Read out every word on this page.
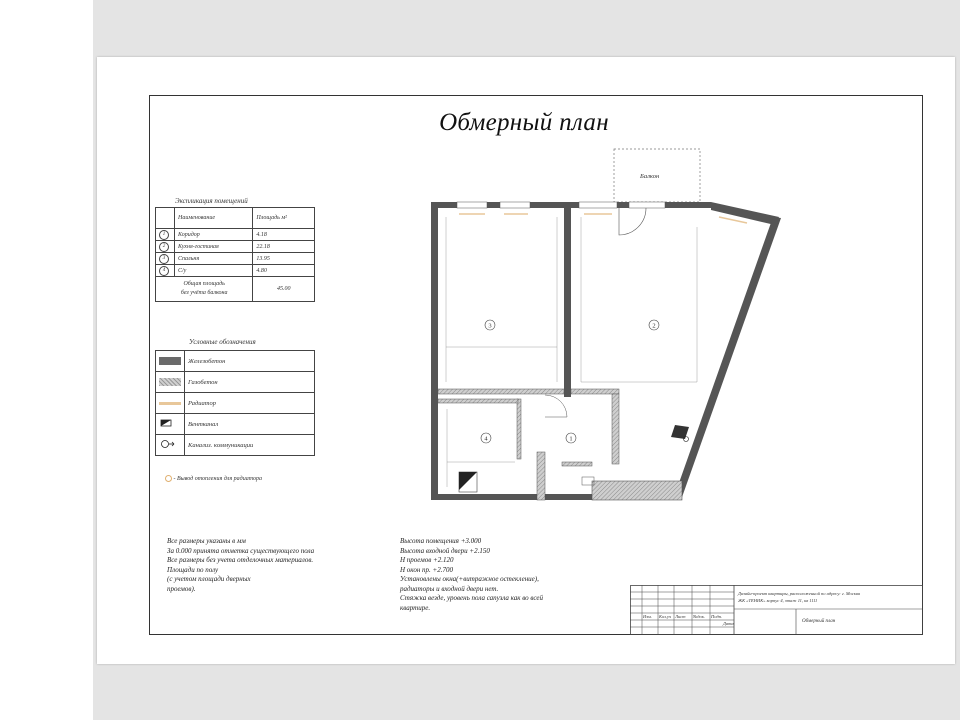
Обмерный план
Экспликация помещений
	Наименование	Площадь м²
1	Коридор	4.18
2	Кухня-гостиная	22.18
3	Спальня	13.95
4	С/у	4.80

Общая площадь
без учёта балкона		45.00
Условные обозначения
	Железобетон
	Газобетон
	Радиатор
	Вентканал
	Канализ. коммуникации
- Вывод отопления для радиатора
Балкон
3	2
4	1
Все размеры указаны в мм
За 0.000 принята отметка существующего пола
Все размеры без учета отделочных материалов.
Площади по полу
(с учетом площади дверных
проемов).
Высота помещения +3.000
Высота входной двери +2.150
Н проемов +2.120
Н окон пр. +2.700
Установлены окна(+витражное остекление),
радиаторы и входной двери нет.
Стяжка везде, уровень пола сапузла как во всей
квартире.
Изм. Кол.уч Лист №док. Подп.
Дата
Дизайн-проект квартиры, расположенной по адресу: г. Москва
ЖК «ТЕНИК» корпус 4, этаж 11, кв 1111
Обмерный план
